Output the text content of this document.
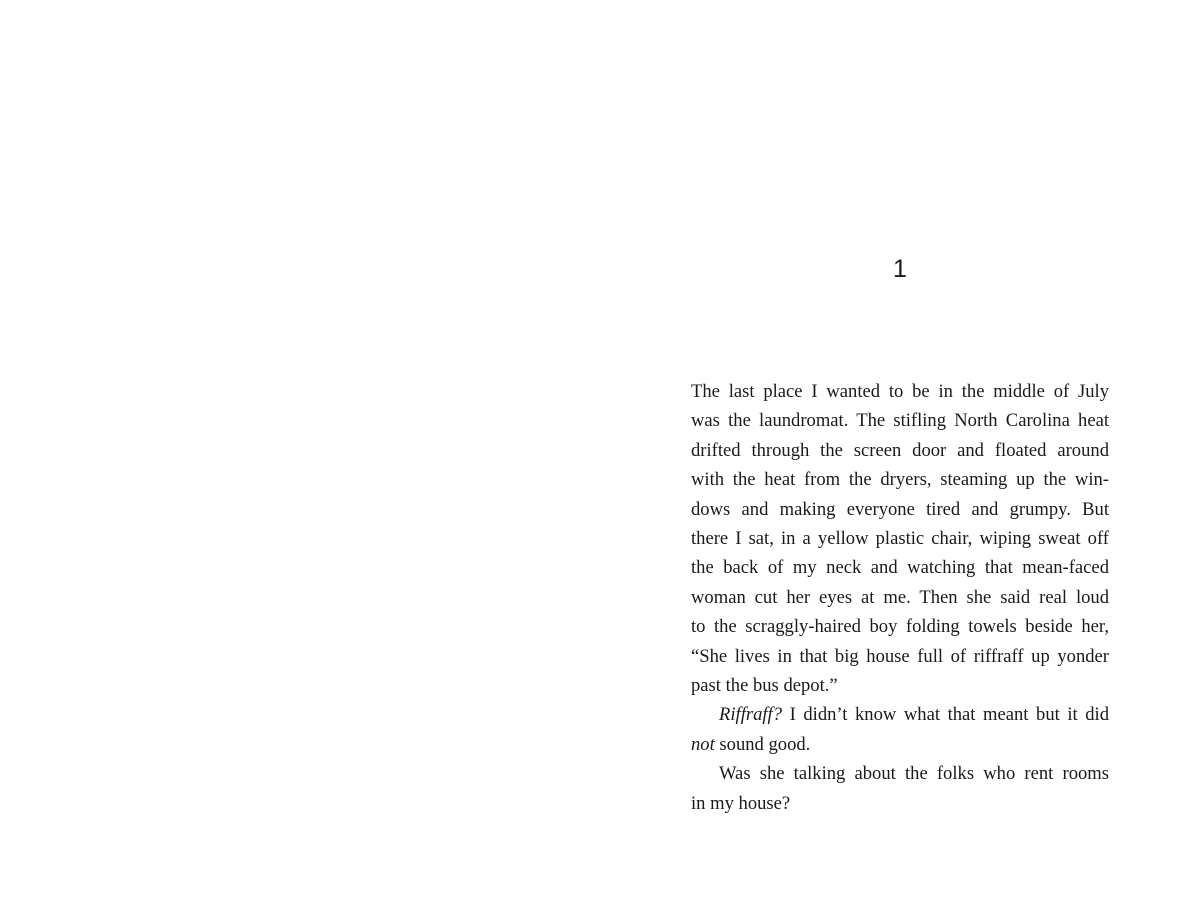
1
The last place I wanted to be in the middle of July
was the laundromat. The stifling North Carolina heat
drifted through the screen door and floated around
with the heat from the dryers, steaming up the win-
dows and making everyone tired and grumpy. But
there I sat, in a yellow plastic chair, wiping sweat off
the back of my neck and watching that mean-faced
woman cut her eyes at me. Then she said real loud
to the scraggly-haired boy folding towels beside her,
“She lives in that big house full of riffraff up yonder
past the bus depot.”
Riffraff? I didn’t know what that meant but it did
not sound good.
Was she talking about the folks who rent rooms
in my house?
